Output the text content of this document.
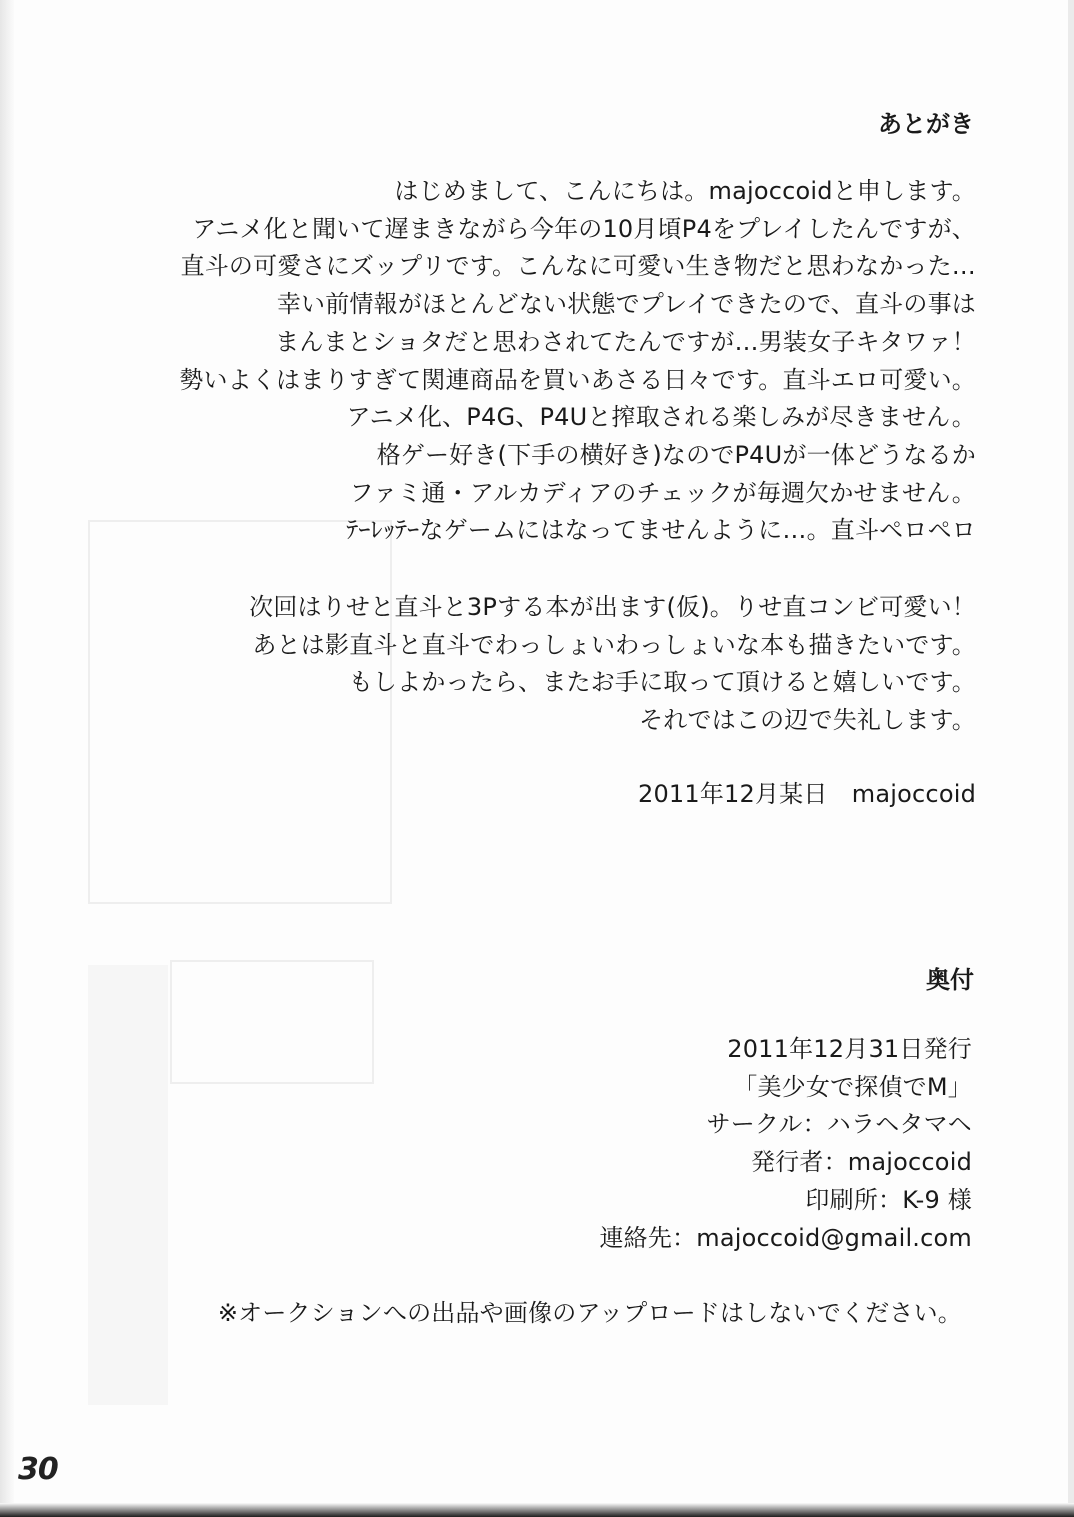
あとがき
はじめまして、こんにちは。majoccoidと申します。
アニメ化と聞いて遅まきながら今年の10月頃P4をプレイしたんですが、
直斗の可愛さにズップリです。こんなに可愛い生き物だと思わなかった…
幸い前情報がほとんどない状態でプレイできたので、直斗の事は
まんまとショタだと思わされてたんですが…男装女子キタワァ！
勢いよくはまりすぎて関連商品を買いあさる日々です。直斗エロ可愛い。
アニメ化、P4G、P4Uと搾取される楽しみが尽きません。
格ゲー好き(下手の横好き)なのでP4Uが一体どうなるか
ファミ通・アルカディアのチェックが毎週欠かせません。
ﾃｰﾚｯﾃｰなゲームにはなってませんように…。直斗ペロペロ
次回はりせと直斗と3Pする本が出ます(仮)。りせ直コンビ可愛い！
あとは影直斗と直斗でわっしょいわっしょいな本も描きたいです。
もしよかったら、またお手に取って頂けると嬉しいです。
それではこの辺で失礼します。
2011年12月某日　majoccoid
奥付
2011年12月31日発行
「美少女で探偵でM」
サークル：ハラヘタマヘ
発行者：majoccoid
印刷所：K-9 様
連絡先：majoccoid@gmail.com
※オークションへの出品や画像のアップロードはしないでください。
30
